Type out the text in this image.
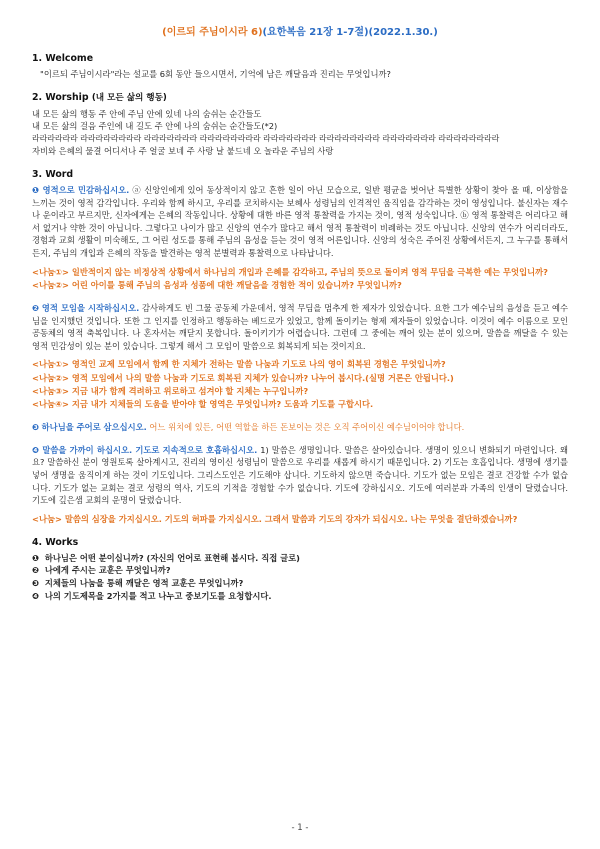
(이르되 주님이시라 6)(요한복음 21장 1-7절)(2022.1.30.)
1. Welcome

"이르되 주님이시라"라는 설교를 6회 동안 들으시면서, 기억에 남은 깨달음과 진리는 무엇입니까?

2. Worship (내 모든 삶의 행동)

내 모든 삶의 행동 주 안에 주님 안에 있네 나의 숨쉬는 순간들도

내 모든 삶의 걸음 주인에 내 길도 주 안에 나의 숨쉬는 순간들도(*2)

라라라라라라 라라라라라라라라 라라라라라라라 라라라라라라라라 라라라라라라라 라라라라라라라라 라라라라라라라 라라라라라라라라

자비와 은혜의 물결 어디서나 주 얼굴 보네 주 사랑 날 붙드네 오 놀라운 주님의 사랑

3. Word

❶ 영적으로 민감하십시오. ⓐ 신앙인에게 있어 동상적이지 않고 흔한 일이 아닌 모습으로, 일반 평균을 벗어난 특별한 상황이 찾아 올 때, 이상함을 느끼는 것이 영적 감각입니다. 우리와 함께 하시고, 우리를 코치하시는 보혜사 성령님의 인격적인 움직임을 감각하는 것이 영성입니다. 불신자는 재수나 운이라고 부르지만, 신자에게는 은혜의 작동입니다. 상황에 대한 바른 영적 통찰력을 가지는 것이, 영적 성숙입니다. ⓑ 영적 통찰력은 어리다고 해서 없거나 약한 것이 아닙니다. 그렇다고 나이가 많고 신앙의 연수가 많다고 해서 영적 통찰력이 비례하는 것도 아닙니다. 신앙의 연수가 어리더라도, 경험과 교회 생활이 미숙해도, 그 어린 성도를 통해 주님의 음성을 듣는 것이 영적 어른입니다. 신앙의 성숙은 주어진 상황에서든지, 그 누구를 통해서든지, 주님의 개입과 은혜의 작동을 발견하는 영적 분별력과 통찰력으로 나타납니다.

<나눔①> 일반적이지 않는 비정상적 상황에서 하나님의 개입과 은혜를 감각하고, 주님의 뜻으로 돌이켜 영적 무딤을 극복한 예는 무엇입니까?

<나눔②> 어린 아이를 통해 주님의 음성과 성품에 대한 깨달음을 경험한 적이 있습니까? 무엇입니까?

❷ 영적 모임을 시작하십시오. 감사하게도 빈 그물 공동체 가운데서, 영적 무딤을 멈추게 한 제자가 있었습니다. 요한 그가 예수님의 음성을 듣고 예수님을 인지했던 것입니다. 또한 그 인지를 인정하고 행동하는 베드로가 있었고, 함께 돌이키는 형제 제자들이 있었습니다. 이것이 예수 이름으로 모인 공동체의 영적 축복입니다. 나 혼자서는 깨닫지 못합니다. 돌이키기가 어렵습니다. 그런데 그 중에는 깨어 있는 분이 있으며, 말씀을 깨달을 수 있는 영적 민감성이 있는 분이 있습니다. 그렇게 해서 그 모임이 말씀으로 회복되게 되는 것이지요.

<나눔①> 영적인 교제 모임에서 함께 한 지체가 전하는 말씀 나눔과 기도로 나의 영이 회복된 경험은 무엇입니까?

<나눔②> 영적 모임에서 나의 말씀 나눔과 기도로 회복된 지체가 있습니까? 나누어 봅시다.(실명 거론은 안됩니다.)

<나눔③> 지금 내가 함께 격려하고 위로하고 섬겨야 할 지체는 누구입니까?

<나눔④> 지금 내가 지체들의 도움을 받아야 할 영역은 무엇입니까? 도움과 기도를 구합시다.

❸ 하나님을 주어로 삼으십시오. 어느 위치에 있든, 어떤 역할을 하든 돈보이는 것은 오직 주어이신 예수님이어야 합니다.

❹ 말씀을 가까이 하십시오. 기도로 지속적으로 호흡하십시오. 1) 말씀은 생명입니다. 말씀은 살아있습니다. 생명이 있으니 변화되기 마련입니다. 왜요? 말씀하신 분이 영원토록 살아계시고, 진리의 영이신 성령님이 말씀으로 우리를 새롭게 하시기 때문입니다. 2) 기도는 호흡입니다. 생명에 생기를 넣어 생명을 움직이게 하는 것이 기도입니다. 그리스도인은 기도해야 삽니다. 기도하지 않으면 죽습니다. 기도가 없는 모임은 결코 건강할 수가 없습니다. 기도가 없는 교회는 결코 성령의 역사, 기도의 기적을 경험할 수가 없습니다. 기도에 강하십시오. 기도에 여러분과 가족의 인생이 달렸습니다. 기도에 깊은샘 교회의 운명이 달렸습니다.

<나눔> 말씀의 심장을 가지십시오. 기도의 허파를 가지십시오. 그래서 말씀과 기도의 강자가 되십시오. 나는 무엇을 결단하겠습니까?

4. Works

❶ 하나님은 어떤 분이십니까? (자신의 언어로 표현해 봅시다. 직접 글로)

❷ 나에게 주시는 교훈은 무엇입니까?

❸ 지체들의 나눔을 통해 깨달은 영적 교훈은 무엇입니까?

❹ 나의 기도제목을 2가지를 적고 나누고 중보기도를 요청합시다.

- 1 -
